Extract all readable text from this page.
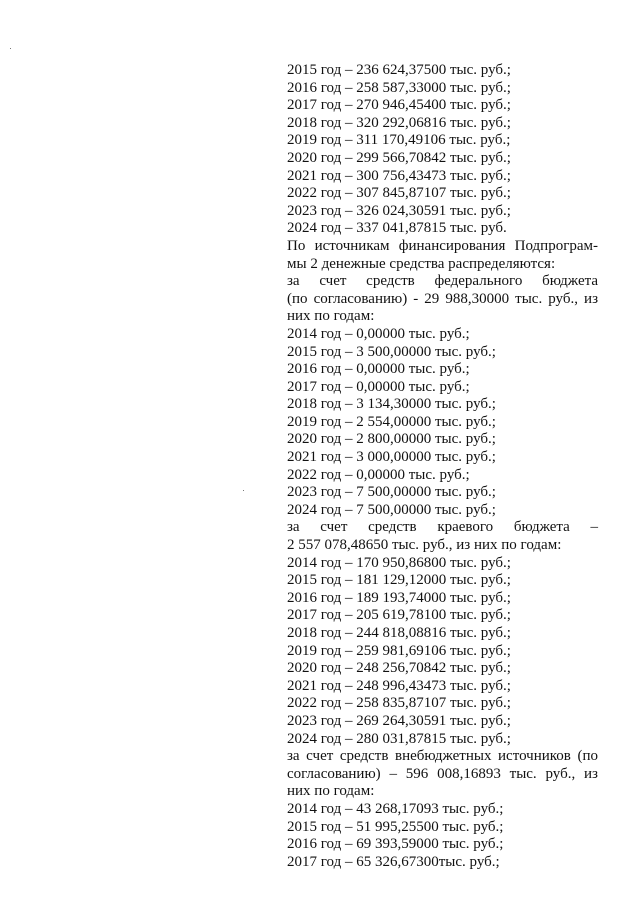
2015 год – 236 624,37500 тыс. руб.;
2016 год – 258 587,33000 тыс. руб.;
2017 год – 270 946,45400 тыс. руб.;
2018 год – 320 292,06816 тыс. руб.;
2019 год – 311 170,49106 тыс. руб.;
2020 год – 299 566,70842 тыс. руб.;
2021 год – 300 756,43473 тыс. руб.;
2022 год – 307 845,87107 тыс. руб.;
2023 год – 326 024,30591 тыс. руб.;
2024 год – 337 041,87815 тыс. руб.
По источникам финансирования Подпрограм-
мы 2 денежные средства распределяются:
за счет средств федерального бюджета
(по согласованию) - 29 988,30000 тыс. руб., из
них по годам:
2014 год – 0,00000 тыс. руб.;
2015 год – 3 500,00000 тыс. руб.;
2016 год – 0,00000 тыс. руб.;
2017 год – 0,00000 тыс. руб.;
2018 год – 3 134,30000 тыс. руб.;
2019 год – 2 554,00000 тыс. руб.;
2020 год – 2 800,00000 тыс. руб.;
2021 год – 3 000,00000 тыс. руб.;
2022 год – 0,00000 тыс. руб.;
2023 год – 7 500,00000 тыс. руб.;
2024 год – 7 500,00000 тыс. руб.;
за счет средств краевого бюджета –
2 557 078,48650 тыс. руб., из них по годам:
2014 год – 170 950,86800 тыс. руб.;
2015 год – 181 129,12000 тыс. руб.;
2016 год – 189 193,74000 тыс. руб.;
2017 год – 205 619,78100 тыс. руб.;
2018 год – 244 818,08816 тыс. руб.;
2019 год – 259 981,69106 тыс. руб.;
2020 год – 248 256,70842 тыс. руб.;
2021 год – 248 996,43473 тыс. руб.;
2022 год – 258 835,87107 тыс. руб.;
2023 год – 269 264,30591 тыс. руб.;
2024 год – 280 031,87815 тыс. руб.;
за счет средств внебюджетных источников (по
согласованию) – 596 008,16893 тыс. руб., из
них по годам:
2014 год – 43 268,17093 тыс. руб.;
2015 год – 51 995,25500 тыс. руб.;
2016 год – 69 393,59000 тыс. руб.;
2017 год – 65 326,67300тыс. руб.;
